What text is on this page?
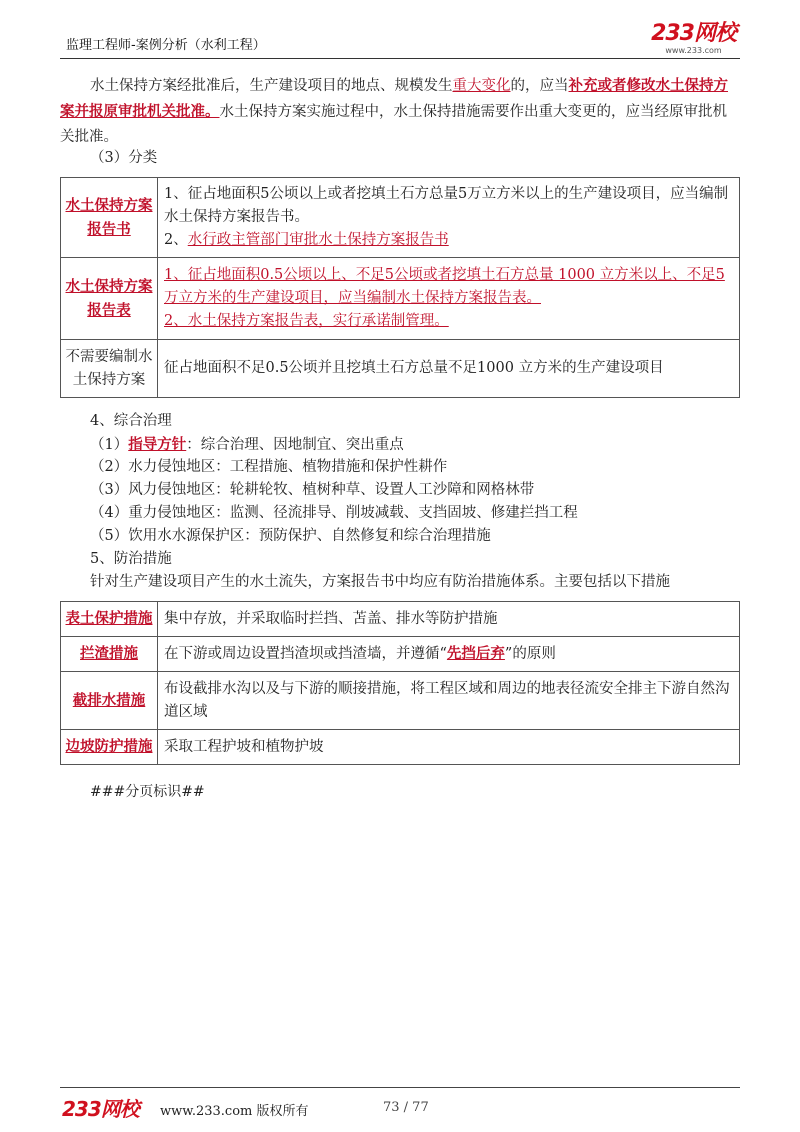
监理工程师-案例分析（水利工程）	233网校
www.233.com
水土保持方案经批准后，生产建设项目的地点、规模发生重大变化的，应当补充或者修改水土保持方案并报原审批机关批准。水土保持方案实施过程中，水土保持措施需要作出重大变更的，应当经原审批机关批准。
（3）分类
水土保持方案报告书	1、征占地面积5公顷以上或者挖填土石方总量5万立方米以上的生产建设项目，应当编制水土保持方案报告书。
2、水行政主管部门审批水土保持方案报告书

水土保持方案报告表	1、征占地面积0.5公顷以上、不足5公顷或者挖填土石方总量 1000 立方米以上、不足5万立方米的生产建设项目，应当编制水土保持方案报告表。
2、水土保持方案报告表，实行承诺制管理。

不需要编制水土保持方案	征占地面积不足0.5公顷并且挖填土石方总量不足1000 立方米的生产建设项目
4、综合治理
（1）指导方针：综合治理、因地制宜、突出重点
（2）水力侵蚀地区：工程措施、植物措施和保护性耕作
（3）风力侵蚀地区：轮耕轮牧、植树种草、设置人工沙障和网格林带
（4）重力侵蚀地区：监测、径流排导、削坡减载、支挡固坡、修建拦挡工程
（5）饮用水水源保护区：预防保护、自然修复和综合治理措施
5、防治措施
针对生产建设项目产生的水土流失，方案报告书中均应有防治措施体系。主要包括以下措施
表土保护措施	集中存放，并采取临时拦挡、苫盖、排水等防护措施
拦渣措施	在下游或周边设置挡渣坝或挡渣墙，并遵循“先挡后弃”的原则
截排水措施	布设截排水沟以及与下游的顺接措施，将工程区域和周边的地表径流安全排主下游自然沟道区域
边坡防护措施	采取工程护坡和植物护坡
###分页标识##
233网校 www.233.com 版权所有	73 / 77
